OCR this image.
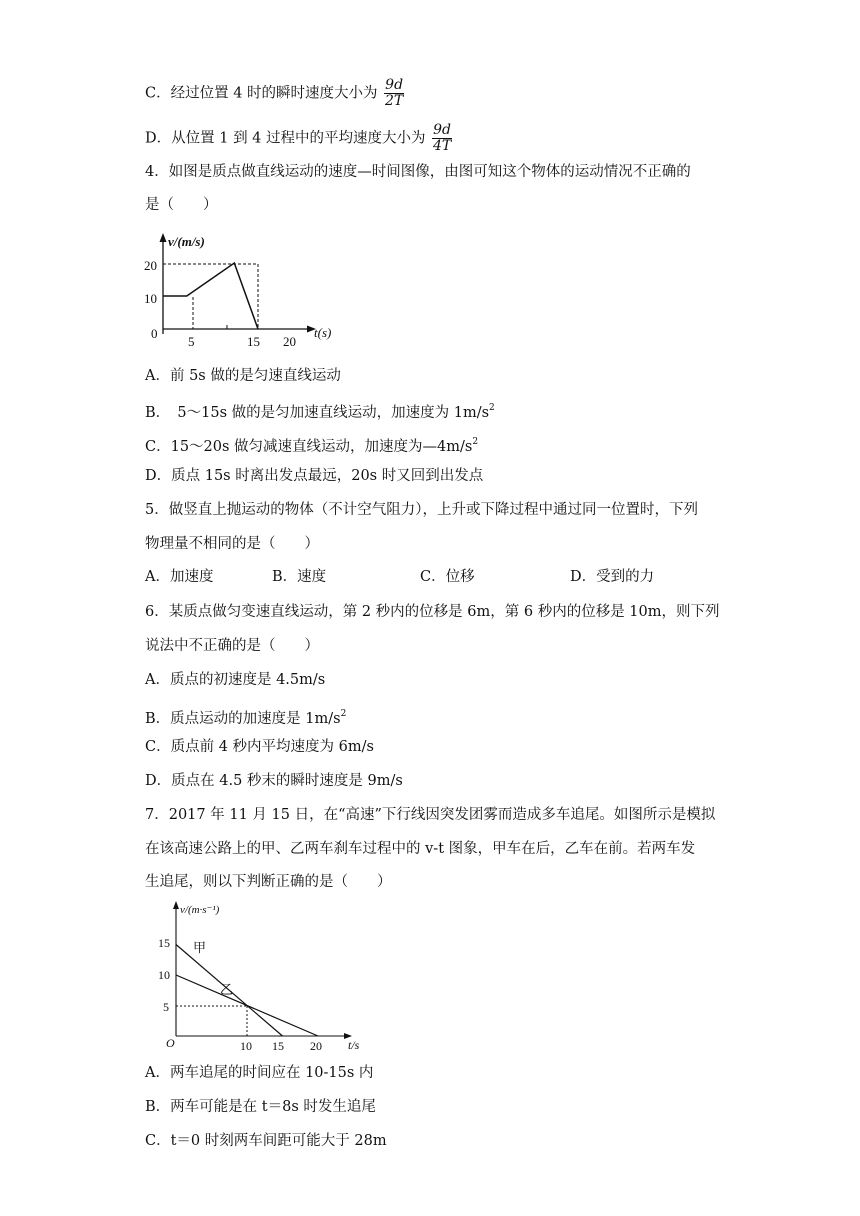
C．经过位置 4 时的瞬时速度大小为 $\frac{9d}{2T}$
D．从位置 1 到 4 过程中的平均速度大小为 $\frac{9d}{4T}$
4．如图是质点做直线运动的速度—时间图像，由图可知这个物体的运动情况不正确的
是（　　）
v/(m/s)
t(s)
20
10
0
5	15 20
A．前 5s 做的是匀速直线运动
B．　5～15s 做的是匀加速直线运动，加速度为 $1m/s^2$
C．15～20s 做匀减速直线运动，加速度为$—4m/s^2$
D．质点 15s 时离出发点最远，20s 时又回到出发点
5．做竖直上抛运动的物体（不计空气阻力），上升或下降过程中通过同一位置时，下列
物理量不相同的是（　　）
A．加速度	B．速度	C．位移	D．受到的力
6．某质点做匀变速直线运动，第 2 秒内的位移是 6m，第 6 秒内的位移是 10m，则下列
说法中不正确的是（　　）
A．质点的初速度是 4.5m/s
B．质点运动的加速度是 $1m/s^2$
C．质点前 4 秒内平均速度为 6m/s
D．质点在 4.5 秒末的瞬时速度是 9m/s
7．2017 年 11 月 15 日，在“高速”下行线因突发团雾而造成多车追尾。如图所示是模拟
在该高速公路上的甲、乙两车刹车过程中的 v-t 图象，甲车在后，乙车在前。若两车发
生追尾，则以下判断正确的是（　　）
v/(m·s⁻¹)
t/s
O
15
10
5
10 15 20
甲
乙
A．两车追尾的时间应在 10-15s 内
B．两车可能是在 t＝8s 时发生追尾
C．t＝0 时刻两车间距可能大于 28m
